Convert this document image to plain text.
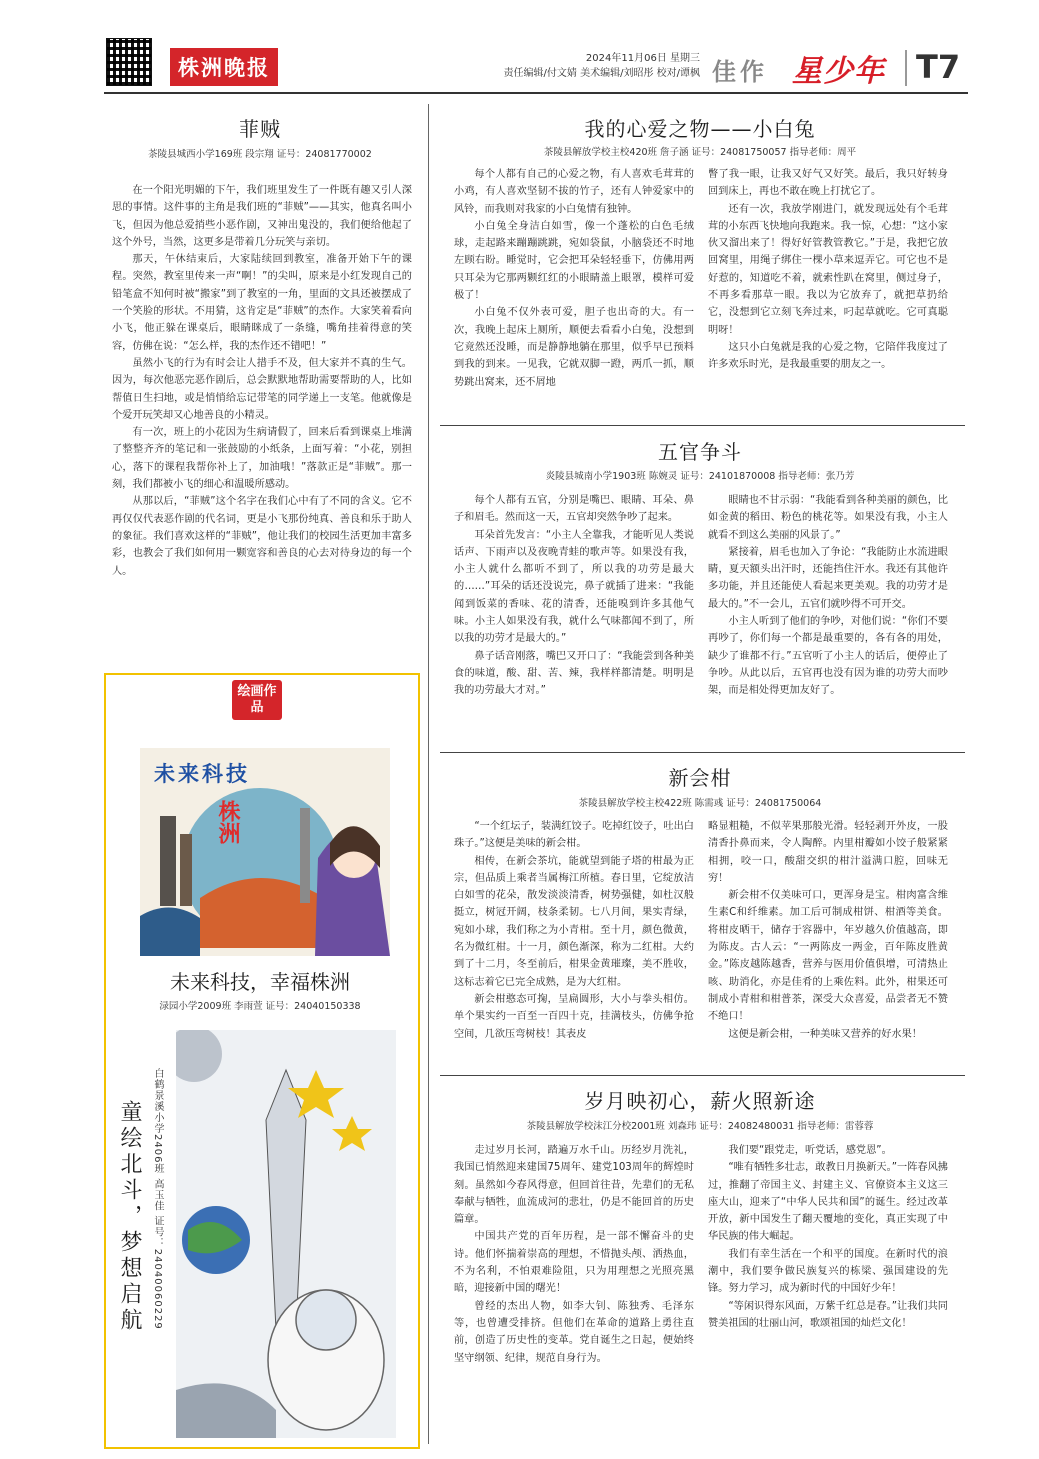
株洲晚报	2024年11月06日 星期三
责任编辑/付文婧 美术编辑/刘昭彤 校对/谭枫 佳作 星少年 T7
菲贼
茶陵县城西小学169班 段宗翔 证号：24081770002

在一个阳光明媚的下午，我们班里发生了一件既有趣又引人深思的事情。这件事的主角是我们班的“菲贼”——其实，他真名叫小飞，但因为他总爱捎些小恶作剧，又神出鬼没的，我们便给他起了这个外号，当然，这更多是带着几分玩笑与亲切。

那天，午休结束后，大家陆续回到教室，准备开始下午的课程。突然，教室里传来一声“啊！”的尖叫，原来是小红发现自己的铅笔盒不知何时被“搬家”到了教室的一角，里面的文具还被摆成了一个笑脸的形状。不用猜，这肯定是“菲贼”的杰作。大家笑着看向小飞，他正躲在课桌后，眼睛眯成了一条缝，嘴角挂着得意的笑容，仿佛在说：“怎么样，我的杰作还不错吧！”

虽然小飞的行为有时会让人措手不及，但大家并不真的生气。因为，每次他恶完恶作剧后，总会默默地帮助需要帮助的人，比如帮值日生扫地，或是悄悄给忘记带笔的同学递上一支笔。他就像是个爱开玩笑却又心地善良的小精灵。

有一次，班上的小花因为生病请假了，回来后看到课桌上堆满了整整齐齐的笔记和一张鼓励的小纸条，上面写着：“小花，别担心，落下的课程我帮你补上了，加油哦！”落款正是“菲贼”。那一刻，我们都被小飞的细心和温暖所感动。

从那以后，“菲贼”这个名字在我们心中有了不同的含义。它不再仅仅代表恶作剧的代名词，更是小飞那份纯真、善良和乐于助人的象征。我们喜欢这样的“菲贼”，他让我们的校园生活更加丰富多彩，也教会了我们如何用一颗宽容和善良的心去对待身边的每一个人。

我的心爱之物——小白兔
茶陵县解放学校主校420班 詹子涵 证号：24081750057 指导老师：周平

每个人都有自己的心爱之物，有人喜欢毛茸茸的小鸡，有人喜欢坚韧不拔的竹子，还有人钟爱家中的风铃，而我则对我家的小白兔情有独钟。

小白兔全身洁白如雪，像一个蓬松的白色毛绒球，走起路来蹦蹦跳跳，宛如袋鼠，小脑袋还不时地左顾右盼。睡觉时，它会把耳朵轻轻垂下，仿佛用两只耳朵为它那两颗红红的小眼睛盖上眼罩，模样可爱极了！

小白兔不仅外表可爱，胆子也出奇的大。有一次，我晚上起床上厕所，顺便去看看小白兔，没想到它竟然还没睡，而是静静地躺在那里，似乎早已预料到我的到来。一见我，它就双脚一蹬，两爪一抓，顺势跳出窝来，还不屑地

瞥了我一眼，让我又好气又好笑。最后，我只好转身回到床上，再也不敢在晚上打扰它了。

还有一次，我放学刚进门，就发现远处有个毛茸茸的小东西飞快地向我跑来。我一惊，心想：“这小家伙又溜出来了！得好好管教管教它。”于是，我把它放回窝里，用绳子绑住一棵小草来逗弄它。可它也不是好惹的，知道吃不着，就索性趴在窝里，侧过身子，不再多看那草一眼。我以为它放弃了，就把草扔给它，没想到它立刻飞奔过来，叼起草就吃。它可真聪明呀！

这只小白兔就是我的心爱之物，它陪伴我度过了许多欢乐时光，是我最重要的朋友之一。

五官争斗
炎陵县城南小学1903班 陈婉灵 证号：24101870008 指导老师：张乃芳

每个人都有五官，分别是嘴巴、眼睛、耳朵、鼻子和眉毛。然而这一天，五官却突然争吵了起来。

耳朵首先发言：“小主人全靠我，才能听见人类说话声、下雨声以及夜晚青蛙的歌声等。如果没有我，小主人就什么都听不到了，所以我的功劳是最大的……”耳朵的话还没说完，鼻子就插了进来：“我能闻到饭菜的香味、花的清香，还能嗅到许多其他气味。小主人如果没有我，就什么气味都闻不到了，所以我的功劳才是最大的。”

鼻子话音刚落，嘴巴又开口了：“我能尝到各种美食的味道，酸、甜、苦、辣，我样样都清楚。明明是我的功劳最大才对。”

眼睛也不甘示弱：“我能看到各种美丽的颜色，比如金黄的稻田、粉色的桃花等。如果没有我，小主人就看不到这么美丽的风景了。”

紧接着，眉毛也加入了争论：“我能防止水流进眼睛，夏天额头出汗时，还能挡住汗水。我还有其他许多功能，并且还能使人看起来更美观。我的功劳才是最大的。”不一会儿，五官们就吵得不可开交。

小主人听到了他们的争吵，对他们说：“你们不要再吵了，你们每一个都是最重要的，各有各的用处，缺少了谁都不行。”五官听了小主人的话后，便停止了争吵。从此以后，五官再也没有因为谁的功劳大而吵架，而是相处得更加友好了。

新会柑
茶陵县解放学校主校422班 陈需彧 证号：24081750064

“一个红坛子，装满红饺子。吃掉红饺子，吐出白珠子。”这便是美味的新会柑。

相传，在新会茶坑，能就望到能子塔的柑最为正宗，但品质上乘者当属梅江所植。春日里，它绽放洁白如雪的花朵，散发淡淡清香，树势强健，如杜汉般挺立，树冠开阔，枝条柔韧。七八月间，果实青绿，宛如小球，我们称之为小青柑。至十月，颜色微黄，名为微红柑。十一月，颜色渐深，称为二红柑。大约到了十二月，冬至前后，柑果金黄璀璨，美不胜收，这标志着它已完全成熟，是为大红柑。

新会柑憨态可掬，呈扁圆形，大小与拳头相仿。单个果实约一百至一百四十克，挂满枝头，仿佛争抢空间，几欲压弯树枝！其表皮

略显粗糙，不似苹果那般光滑。轻轻剥开外皮，一股清香扑鼻而来，令人陶醉。内里柑瓣如小饺子般紧紧相拥，咬一口，酸甜交织的柑汁溢满口腔，回味无穷！

新会柑不仅美味可口，更浑身是宝。柑肉富含维生素C和纤维素。加工后可制成柑饼、柑酒等美食。将柑皮晒干，储存于容器中，年岁越久价值越高，即为陈皮。古人云：“一两陈皮一两金，百年陈皮胜黄金。”陈皮越陈越香，营养与医用价值俱增，可清热止咳、助消化，亦是佳肴的上乘佐料。此外，柑果还可制成小青柑和柑普茶，深受大众喜爱，品尝者无不赞不绝口！

这便是新会柑，一种美味又营养的好水果！

岁月映初心，薪火照新途
茶陵县解放学校沫江分校2001班 刘森玮 证号：24082480031 指导老师：雷蓉蓉

走过岁月长河，踏遍万水千山。历经岁月洗礼，我国已悄然迎来建国75周年、建党103周年的辉煌时刻。虽然如今春风得意，但回首往昔，先辈们的无私奉献与牺牲，血流成河的悲壮，仍是不能回首的历史篇章。

中国共产党的百年历程，是一部不懈奋斗的史诗。他们怀揣着崇高的理想，不惜抛头颅、洒热血，不为名利，不怕艰难险阻，只为用理想之光照亮黑暗，迎接新中国的曙光！

曾经的杰出人物，如李大钊、陈独秀、毛泽东等，也曾遭受排挤。但他们在革命的道路上勇往直前，创造了历史性的变革。党自诞生之日起，便始终坚守纲领、纪律，规范自身行为。

我们要“跟党走，听党话，感党恩”。

“唯有牺牲多壮志，敢教日月换新天。”一阵春风拂过，推翻了帝国主义、封建主义、官僚资本主义这三座大山，迎来了“中华人民共和国”的诞生。经过改革开放，新中国发生了翻天覆地的变化，真正实现了中华民族的伟大崛起。

我们有幸生活在一个和平的国度。在新时代的浪潮中，我们要争做民族复兴的栋梁、强国建设的先锋。努力学习，成为新时代的中国好少年！

“等闲识得东风面，万紫千红总是春。”让我们共同赞美祖国的壮丽山河，歌颂祖国的灿烂文化！

绘画作品
未来科技
株洲
未来科技，幸福株洲
渌园小学2009班 李雨萱 证号：24040150338
童绘北斗，梦想启航	白鹤景溪小学2406班 高玉佳 证号：24040060229
